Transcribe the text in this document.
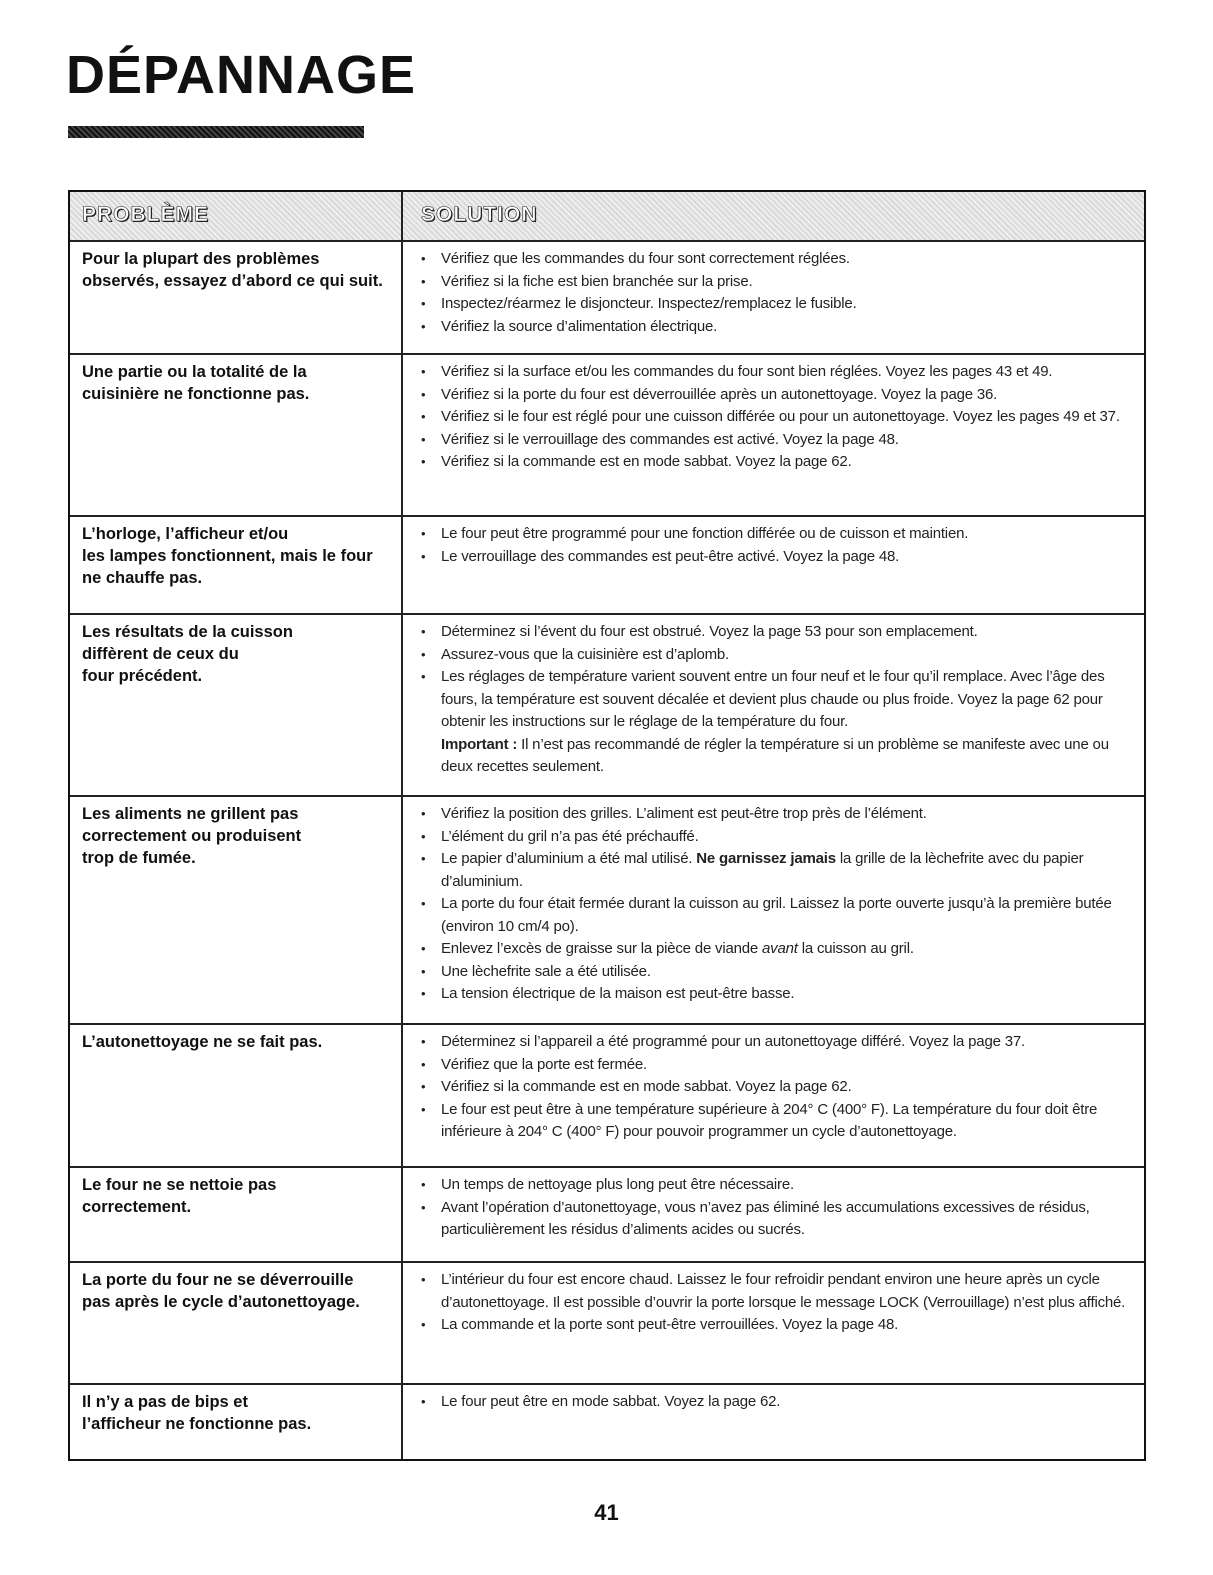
DÉPANNAGE
PROBLÈME	SOLUTION
Pour la plupart des problèmes
observés, essayez d’abord ce qui suit.
• Vérifiez que les commandes du four sont correctement réglées.
• Vérifiez si la fiche est bien branchée sur la prise.
• Inspectez/réarmez le disjoncteur. Inspectez/remplacez le fusible.
• Vérifiez la source d’alimentation électrique.
Une partie ou la totalité de la
cuisinière ne fonctionne pas.
• Vérifiez si la surface et/ou les commandes du four sont bien réglées. Voyez les pages 43 et 49.
• Vérifiez si la porte du four est déverrouillée après un autonettoyage. Voyez la page 36.
• Vérifiez si le four est réglé pour une cuisson différée ou pour un autonettoyage. Voyez les pages 49 et 37.
• Vérifiez si le verrouillage des commandes est activé. Voyez la page 48.
• Vérifiez si la commande est en mode sabbat. Voyez la page 62.
L’horloge, l’afficheur et/ou
les lampes fonctionnent, mais le four
ne chauffe pas.
• Le four peut être programmé pour une fonction différée ou de cuisson et maintien.
• Le verrouillage des commandes est peut-être activé. Voyez la page 48.
Les résultats de la cuisson
diffèrent de ceux du
four précédent.
• Déterminez si l’évent du four est obstrué. Voyez la page 53 pour son emplacement.
• Assurez-vous que la cuisinière est d’aplomb.
• Les réglages de température varient souvent entre un four neuf et le four qu’il remplace. Avec l’âge des fours, la température est souvent décalée et devient plus chaude ou plus froide. Voyez la page 62 pour obtenir les instructions sur le réglage de la température du four.
Important : Il n’est pas recommandé de régler la température si un problème se manifeste avec une ou deux recettes seulement.
Les aliments ne grillent pas
correctement ou produisent
trop de fumée.
• Vérifiez la position des grilles. L’aliment est peut-être trop près de l’élément.
• L’élément du gril n’a pas été préchauffé.
• Le papier d’aluminium a été mal utilisé. Ne garnissez jamais la grille de la lèchefrite avec du papier d’aluminium.
• La porte du four était fermée durant la cuisson au gril. Laissez la porte ouverte jusqu’à la première butée (environ 10 cm/4 po).
• Enlevez l’excès de graisse sur la pièce de viande avant la cuisson au gril.
• Une lèchefrite sale a été utilisée.
• La tension électrique de la maison est peut-être basse.
L’autonettoyage ne se fait pas.
•	Déterminez si l’appareil a été programmé pour un autonettoyage différé. Voyez la page 37.
• Vérifiez que la porte est fermée.
• Vérifiez si la commande est en mode sabbat. Voyez la page 62.
• Le four est peut être à une température supérieure à 204° C (400° F). La température du four doit être inférieure à 204° C (400° F) pour pouvoir programmer un cycle d’autonettoyage.
Le four ne se nettoie pas
correctement.
• Un temps de nettoyage plus long peut être nécessaire.
• Avant l’opération d’autonettoyage, vous n’avez pas éliminé les accumulations excessives de résidus, particulièrement les résidus d’aliments acides ou sucrés.
La porte du four ne se déverrouille
pas après le cycle d’autonettoyage.
• L’intérieur du four est encore chaud. Laissez le four refroidir pendant environ une heure après un cycle d’autonettoyage. Il est possible d’ouvrir la porte lorsque le message LOCK (Verrouillage) n’est plus affiché.
• La commande et la porte sont peut-être verrouillées. Voyez la page 48.
Il n’y a pas de bips et
l’afficheur ne fonctionne pas.
• Le four peut être en mode sabbat. Voyez la page 62.
41
